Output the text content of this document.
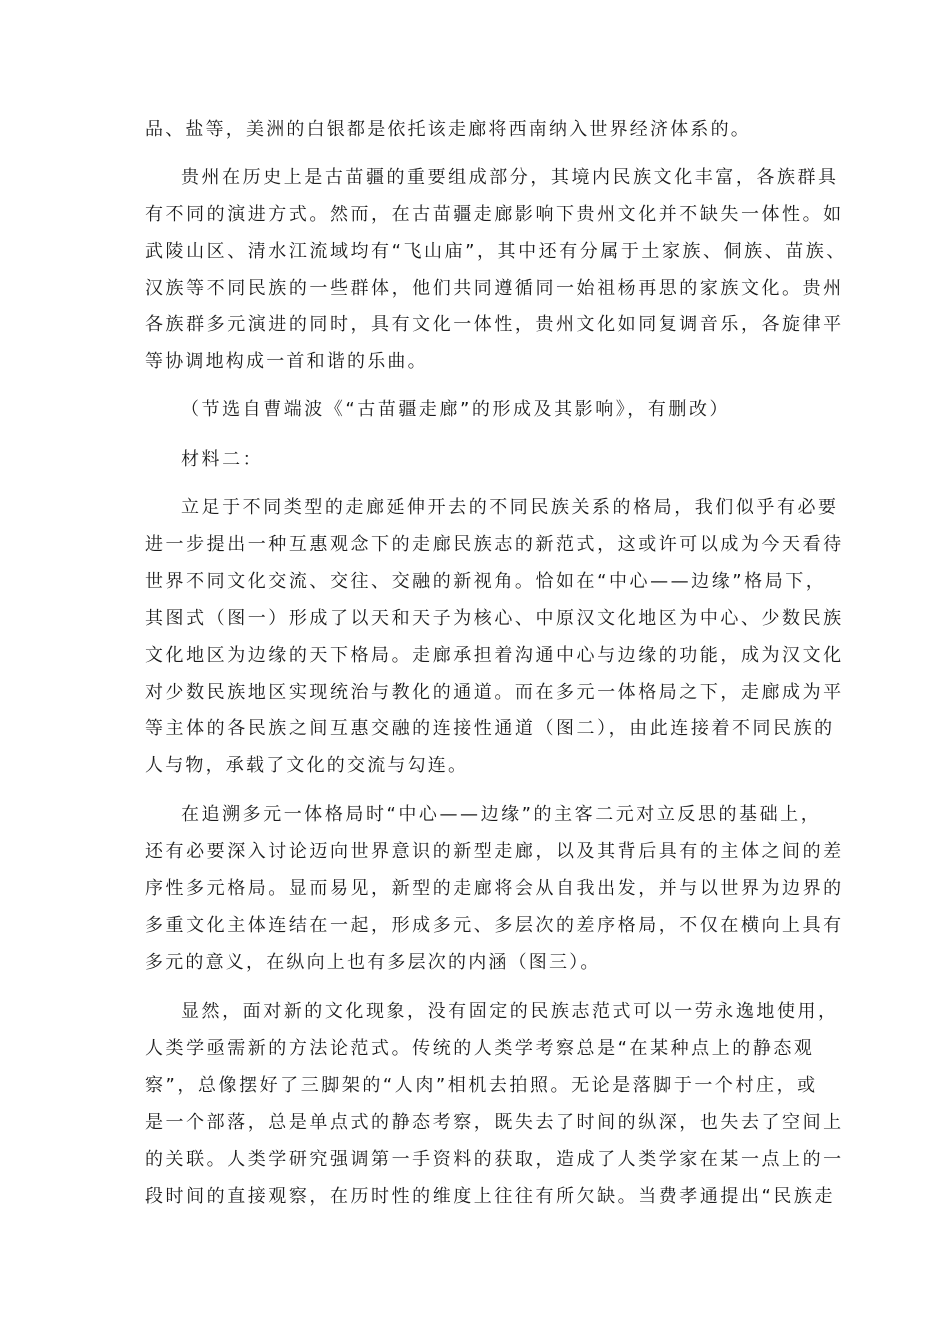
品、盐等，美洲的白银都是依托该走廊将西南纳入世界经济体系的。
贵州在历史上是古苗疆的重要组成部分，其境内民族文化丰富，各族群具
有不同的演进方式。然而，在古苗疆走廊影响下贵州文化并不缺失一体性。如
武陵山区、清水江流域均有“飞山庙”，其中还有分属于土家族、侗族、苗族、
汉族等不同民族的一些群体，他们共同遵循同一始祖杨再思的家族文化。贵州
各族群多元演进的同时，具有文化一体性，贵州文化如同复调音乐，各旋律平
等协调地构成一首和谐的乐曲。
（节选自曹端波《“古苗疆走廊”的形成及其影响》，有删改）
材料二：
立足于不同类型的走廊延伸开去的不同民族关系的格局，我们似乎有必要
进一步提出一种互惠观念下的走廊民族志的新范式，这或许可以成为今天看待
世界不同文化交流、交往、交融的新视角。恰如在“中心——边缘”格局下，
其图式（图一）形成了以天和天子为核心、中原汉文化地区为中心、少数民族
文化地区为边缘的天下格局。走廊承担着沟通中心与边缘的功能，成为汉文化
对少数民族地区实现统治与教化的通道。而在多元一体格局之下，走廊成为平
等主体的各民族之间互惠交融的连接性通道（图二），由此连接着不同民族的
人与物，承载了文化的交流与勾连。
在追溯多元一体格局时“中心——边缘”的主客二元对立反思的基础上，
还有必要深入讨论迈向世界意识的新型走廊，以及其背后具有的主体之间的差
序性多元格局。显而易见，新型的走廊将会从自我出发，并与以世界为边界的
多重文化主体连结在一起，形成多元、多层次的差序格局，不仅在横向上具有
多元的意义，在纵向上也有多层次的内涵（图三）。
显然，面对新的文化现象，没有固定的民族志范式可以一劳永逸地使用，
人类学亟需新的方法论范式。传统的人类学考察总是“在某种点上的静态观
察”，总像摆好了三脚架的“人肉”相机去拍照。无论是落脚于一个村庄，或
是一个部落，总是单点式的静态考察，既失去了时间的纵深，也失去了空间上
的关联。人类学研究强调第一手资料的获取，造成了人类学家在某一点上的一
段时间的直接观察，在历时性的维度上往往有所欠缺。当费孝通提出“民族走
